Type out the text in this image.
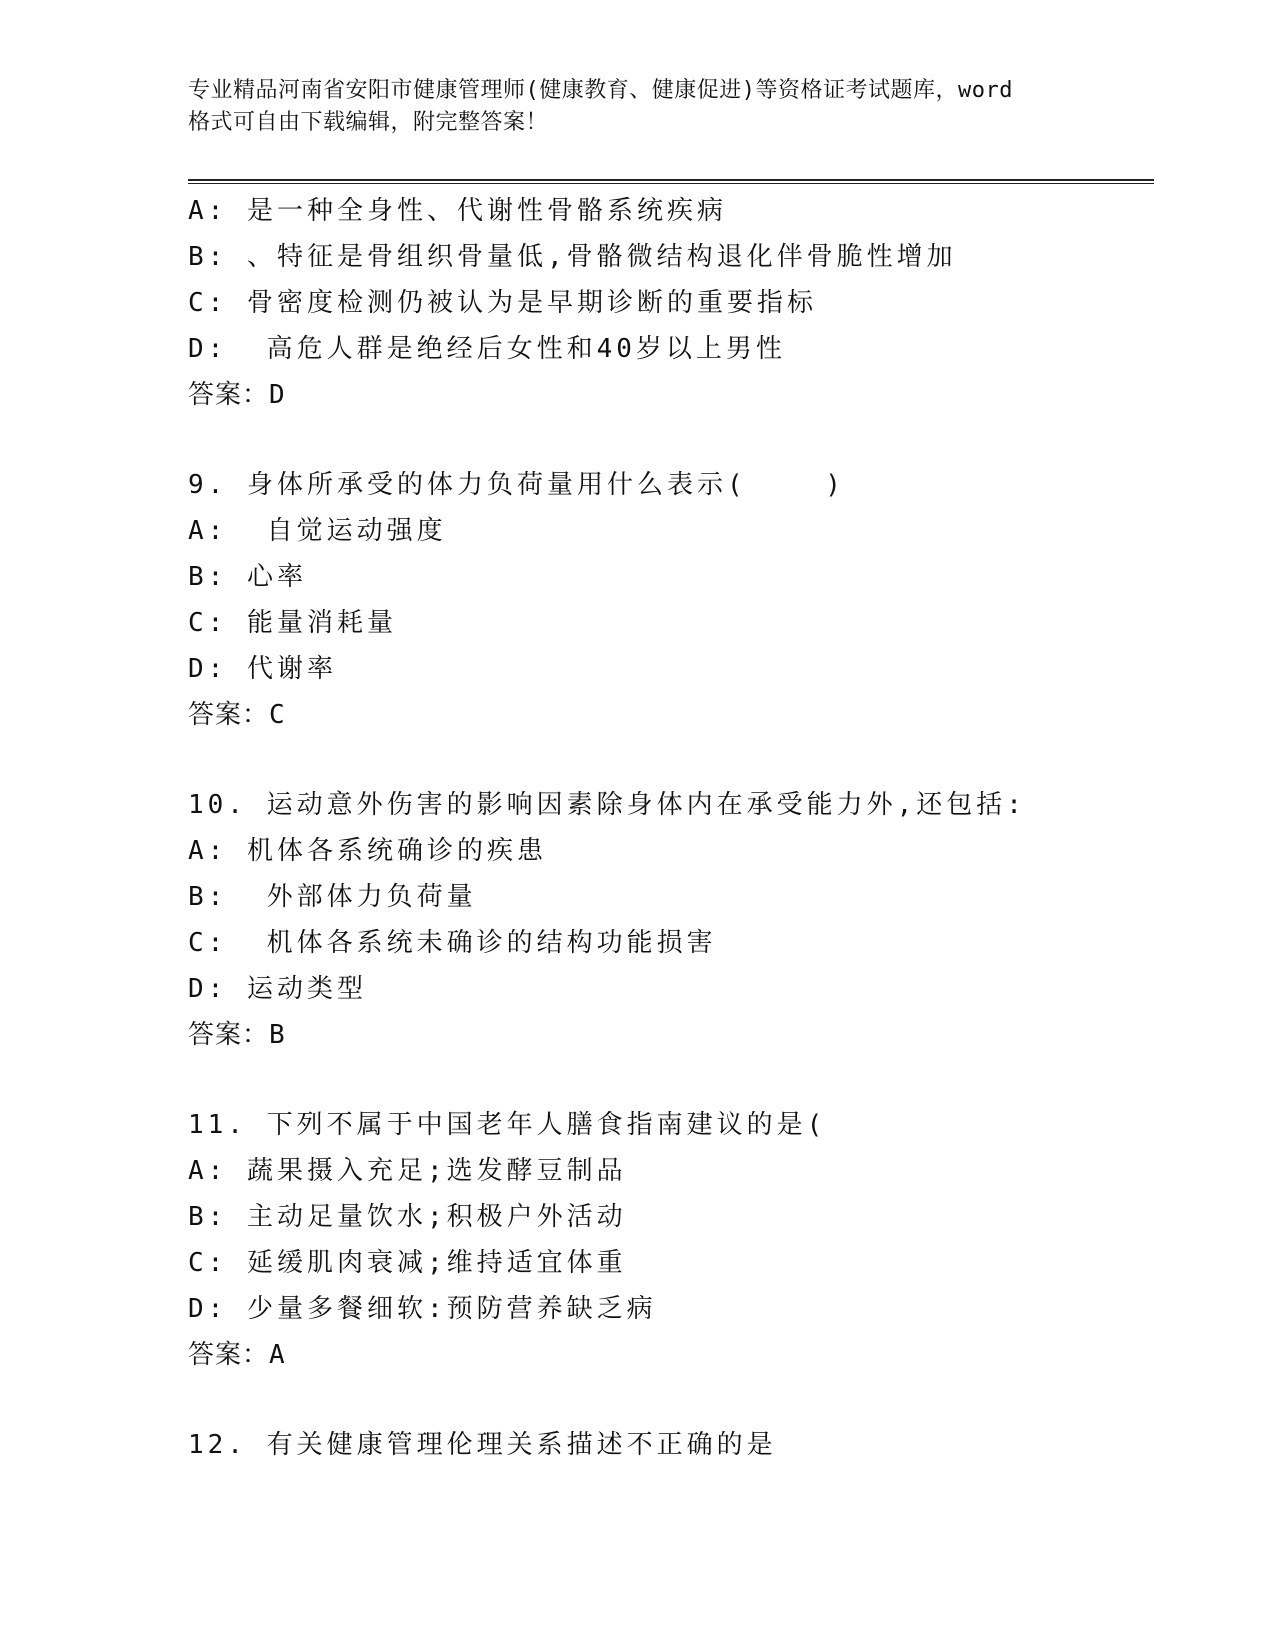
专业精品河南省安阳市健康管理师(健康教育、健康促进)等资格证考试题库，word
格式可自由下载编辑，附完整答案！
A: 是一种全身性、代谢性骨骼系统疾病
B: 、特征是骨组织骨量低,骨骼微结构退化伴骨脆性增加
C: 骨密度检测仍被认为是早期诊断的重要指标
D:  高危人群是绝经后女性和40岁以上男性
答案：D
9. 身体所承受的体力负荷量用什么表示(    )
A:  自觉运动强度
B: 心率
C: 能量消耗量
D: 代谢率
答案：C
10. 运动意外伤害的影响因素除身体内在承受能力外,还包括:
A: 机体各系统确诊的疾患
B:  外部体力负荷量
C:  机体各系统未确诊的结构功能损害
D: 运动类型
答案：B
11. 下列不属于中国老年人膳食指南建议的是(
A: 蔬果摄入充足;选发酵豆制品
B: 主动足量饮水;积极户外活动
C: 延缓肌肉衰减;维持适宜体重
D: 少量多餐细软:预防营养缺乏病
答案：A
12. 有关健康管理伦理关系描述不正确的是
